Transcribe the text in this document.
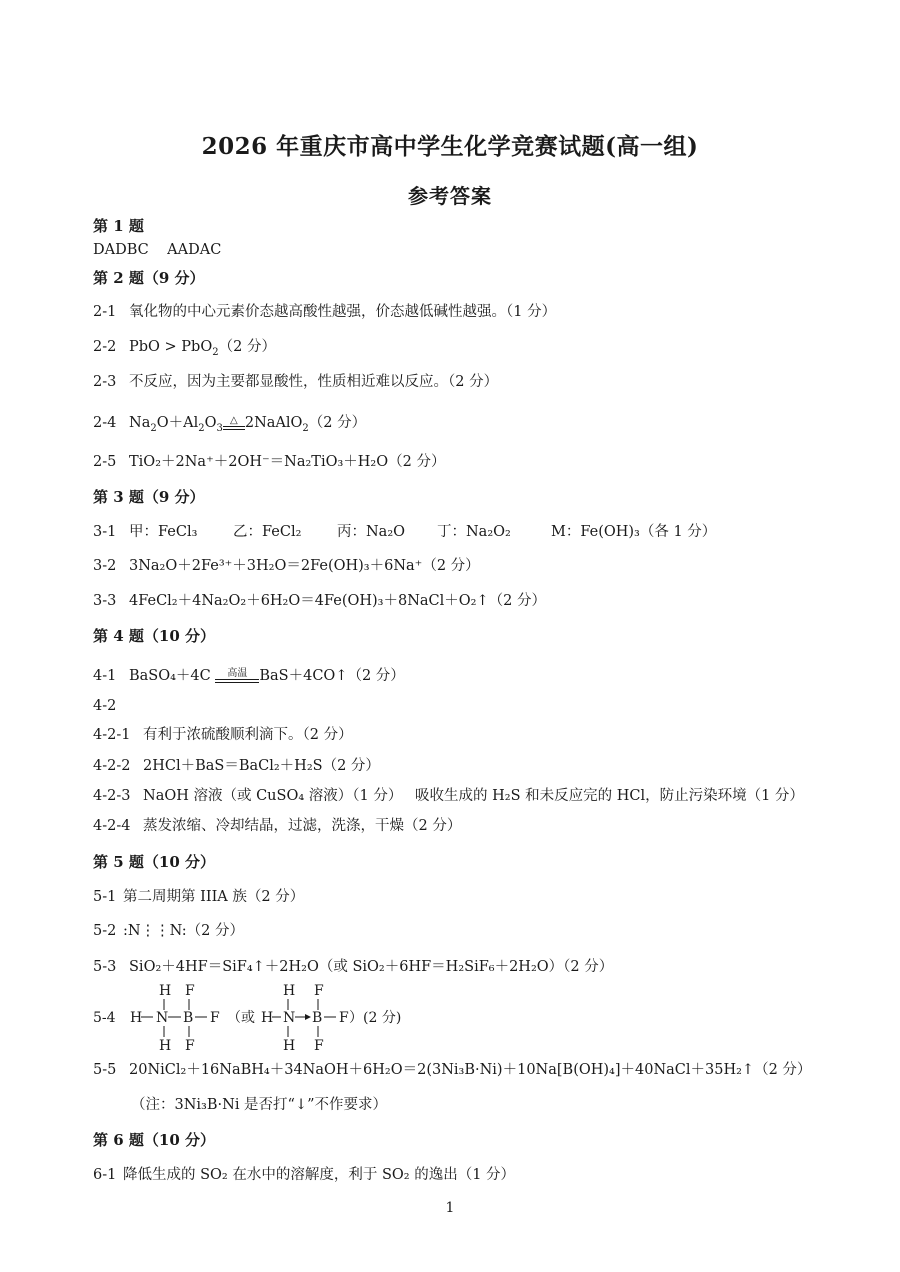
2026 年重庆市高中学生化学竞赛试题(高一组)
参考答案
第 1 题
DADBC    AADAC
第 2 题（9 分）
2-1 氧化物的中心元素价态越高酸性越强，价态越低碱性越强。（1 分）
2-2 PbO > PbO$_2$（2 分）
2-3 不反应，因为主要都显酸性，性质相近难以反应。（2 分）
2-4 $Na_2O+Al_2O_3$
△ 2NaAlO$_2$（2 分）
2-5 TiO₂＋2Na⁺＋2OH⁻＝Na₂TiO₃＋H₂O（2 分）
第 3 题（9 分）
3-1 甲：FeCl₃ 乙：FeCl₂ 丙：Na₂O 丁：Na₂O₂	M：Fe(OH)₃（各 1 分）
3-2 3Na₂O＋2Fe³⁺＋3H₂O＝2Fe(OH)₃＋6Na⁺（2 分）
3-3 4FeCl₂＋4Na₂O₂＋6H₂O＝4Fe(OH)₃＋8NaCl＋O₂↑（2 分）
第 4 题（10 分）
4-1 BaSO₄＋4C	高温 BaS＋4CO↑（2 分）
4-2
4-2-1 有利于浓硫酸顺利滴下。（2 分）
4-2-2 2HCl＋BaS＝BaCl₂＋H₂S（2 分）
4-2-3 NaOH 溶液（或 CuSO₄ 溶液）（1 分） 吸收生成的 H₂S 和未反应完的 HCl，防止污染环境（1 分）
4-2-4 蒸发浓缩、冷却结晶，过滤，洗涤，干燥（2 分）
第 5 题（10 分）
5-1 第二周期第 IIIA 族（2 分）
5-2 :N⋮⋮N:（2 分）
5-3 SiO₂＋4HF＝SiF₄↑＋2H₂O（或 SiO₂＋6HF＝H₂SiF₆＋2H₂O）（2 分）
5-4
H
H N
H
F
B F
F
（或 H
H
N
H
B
F
F
F
）(2 分)
5-5 20NiCl₂＋16NaBH₄＋34NaOH＋6H₂O＝2(3Ni₃B·Ni)＋10Na[B(OH)₄]＋40NaCl＋35H₂↑（2 分）
（注：3Ni₃B·Ni 是否打“↓”不作要求）
第 6 题（10 分）
6-1 降低生成的 SO₂ 在水中的溶解度，利于 SO₂ 的逸出（1 分）
1
